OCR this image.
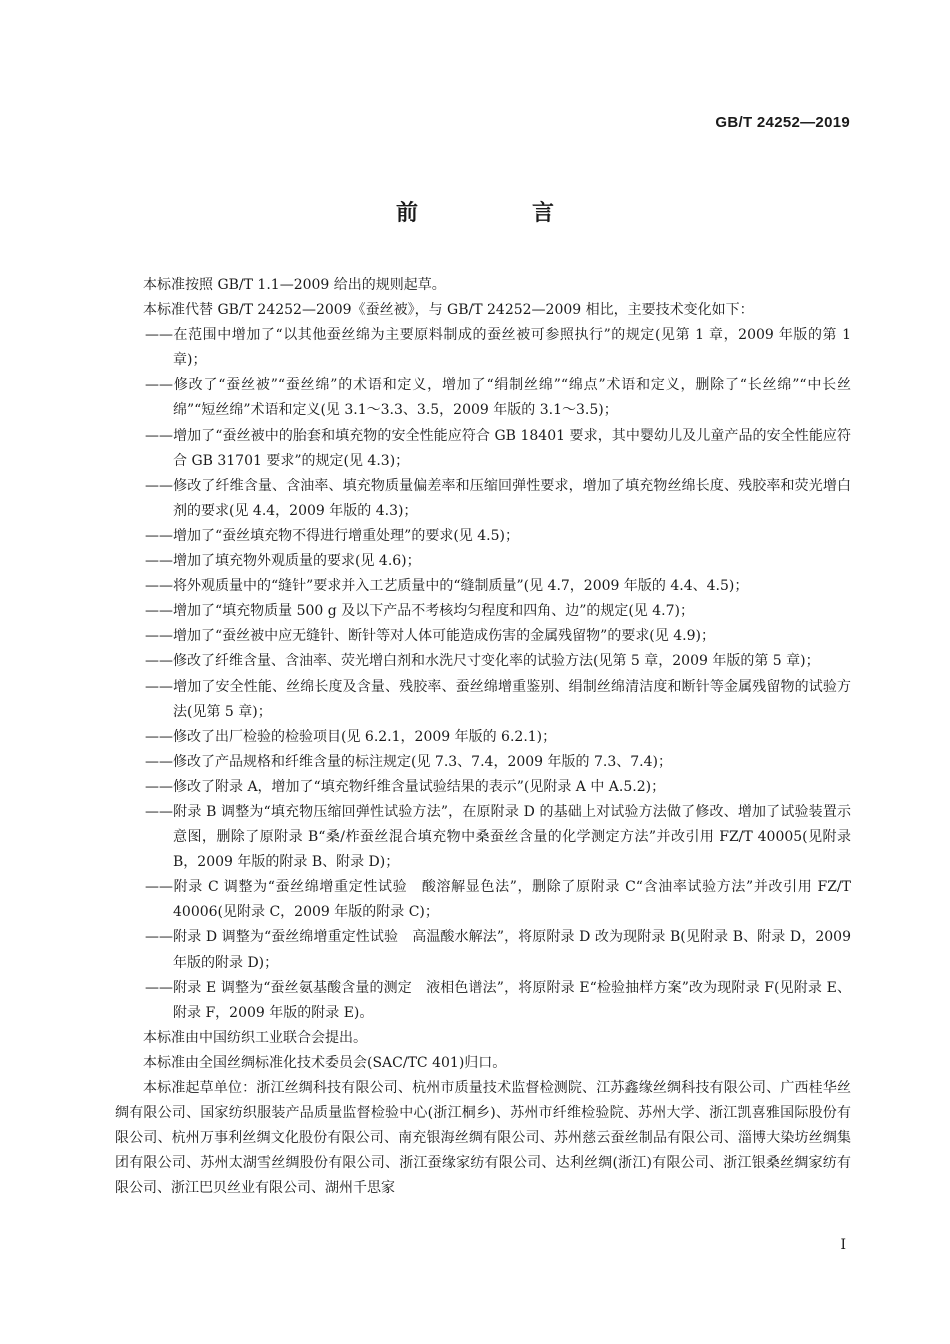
GB/T 24252—2019
前　言
本标准按照 GB/T 1.1—2009 给出的规则起草。
本标准代替 GB/T 24252—2009《蚕丝被》，与 GB/T 24252—2009 相比，主要技术变化如下：
——在范围中增加了“以其他蚕丝绵为主要原料制成的蚕丝被可参照执行”的规定(见第 1 章，2009 年版的第 1 章)；
——修改了“蚕丝被”“蚕丝绵”的术语和定义，增加了“绢制丝绵”“绵点”术语和定义，删除了“长丝绵”“中长丝绵”“短丝绵”术语和定义(见 3.1～3.3、3.5，2009 年版的 3.1～3.5)；
——增加了“蚕丝被中的胎套和填充物的安全性能应符合 GB 18401 要求，其中婴幼儿及儿童产品的安全性能应符合 GB 31701 要求”的规定(见 4.3)；
——修改了纤维含量、含油率、填充物质量偏差率和压缩回弹性要求，增加了填充物丝绵长度、残胶率和荧光增白剂的要求(见 4.4，2009 年版的 4.3)；
——增加了“蚕丝填充物不得进行增重处理”的要求(见 4.5)；
——增加了填充物外观质量的要求(见 4.6)；
——将外观质量中的“缝针”要求并入工艺质量中的“缝制质量”(见 4.7，2009 年版的 4.4、4.5)；
——增加了“填充物质量 500 g 及以下产品不考核均匀程度和四角、边”的规定(见 4.7)；
——增加了“蚕丝被中应无缝针、断针等对人体可能造成伤害的金属残留物”的要求(见 4.9)；
——修改了纤维含量、含油率、荧光增白剂和水洗尺寸变化率的试验方法(见第 5 章，2009 年版的第 5 章)；
——增加了安全性能、丝绵长度及含量、残胶率、蚕丝绵增重鉴别、绢制丝绵清洁度和断针等金属残留物的试验方法(见第 5 章)；
——修改了出厂检验的检验项目(见 6.2.1，2009 年版的 6.2.1)；
——修改了产品规格和纤维含量的标注规定(见 7.3、7.4，2009 年版的 7.3、7.4)；
——修改了附录 A，增加了“填充物纤维含量试验结果的表示”(见附录 A 中 A.5.2)；
——附录 B 调整为“填充物压缩回弹性试验方法”，在原附录 D 的基础上对试验方法做了修改、增加了试验装置示意图，删除了原附录 B“桑/柞蚕丝混合填充物中桑蚕丝含量的化学测定方法”并改引用 FZ/T 40005(见附录 B，2009 年版的附录 B、附录 D)；
——附录 C 调整为“蚕丝绵增重定性试验　酸溶解显色法”，删除了原附录 C“含油率试验方法”并改引用 FZ/T 40006(见附录 C，2009 年版的附录 C)；
——附录 D 调整为“蚕丝绵增重定性试验　高温酸水解法”，将原附录 D 改为现附录 B(见附录 B、附录 D，2009 年版的附录 D)；
——附录 E 调整为“蚕丝氨基酸含量的测定　液相色谱法”，将原附录 E“检验抽样方案”改为现附录 F(见附录 E、附录 F，2009 年版的附录 E)。
本标准由中国纺织工业联合会提出。
本标准由全国丝绸标准化技术委员会(SAC/TC 401)归口。
本标准起草单位：浙江丝绸科技有限公司、杭州市质量技术监督检测院、江苏鑫缘丝绸科技有限公司、广西桂华丝绸有限公司、国家纺织服装产品质量监督检验中心(浙江桐乡)、苏州市纤维检验院、苏州大学、浙江凯喜雅国际股份有限公司、杭州万事利丝绸文化股份有限公司、南充银海丝绸有限公司、苏州慈云蚕丝制品有限公司、淄博大染坊丝绸集团有限公司、苏州太湖雪丝绸股份有限公司、浙江蚕缘家纺有限公司、达利丝绸(浙江)有限公司、浙江银桑丝绸家纺有限公司、浙江巴贝丝业有限公司、湖州千思家
I
